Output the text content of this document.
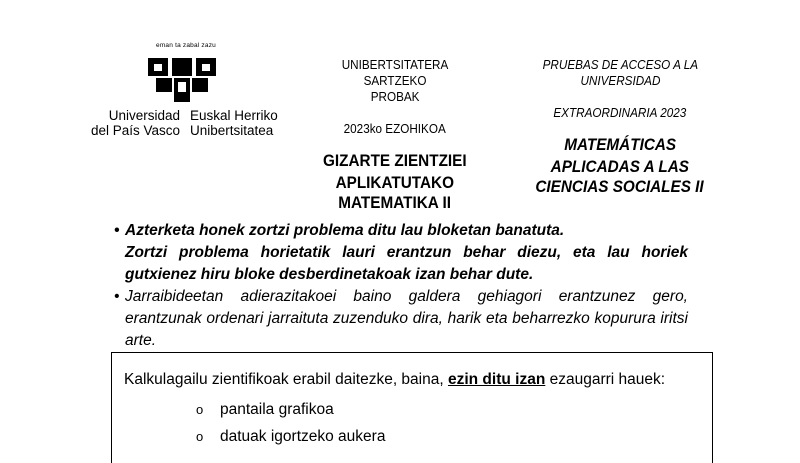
eman ta zabal zazu
Universidad
del País Vasco
Euskal Herriko
Unibertsitatea
UNIBERTSITATERA SARTZEKO
PROBAK
2023ko EZOHIKOA
GIZARTE ZIENTZIEI
APLIKATUTAKO
MATEMATIKA II
PRUEBAS DE ACCESO A LA
UNIVERSIDAD
EXTRAORDINARIA 2023
MATEMÁTICAS
APLICADAS A LAS
CIENCIAS SOCIALES II
• Azterketa honek zortzi problema ditu lau bloketan banatuta.

Zortzi problema horietatik lauri erantzun behar diezu, eta lau horiek gutxienez hiru bloke desberdinetakoak izan behar dute.

• Jarraibideetan adierazitakoei baino galdera gehiagori erantzunez gero, erantzunak ordenari jarraituta zuzenduko dira, harik eta beharrezko kopurura iritsi arte.

Kalkulagailu zientifikoak erabil daitezke, baina, ezin ditu izan ezaugarri hauek:
o pantaila grafikoa
o datuak igortzeko aukera
